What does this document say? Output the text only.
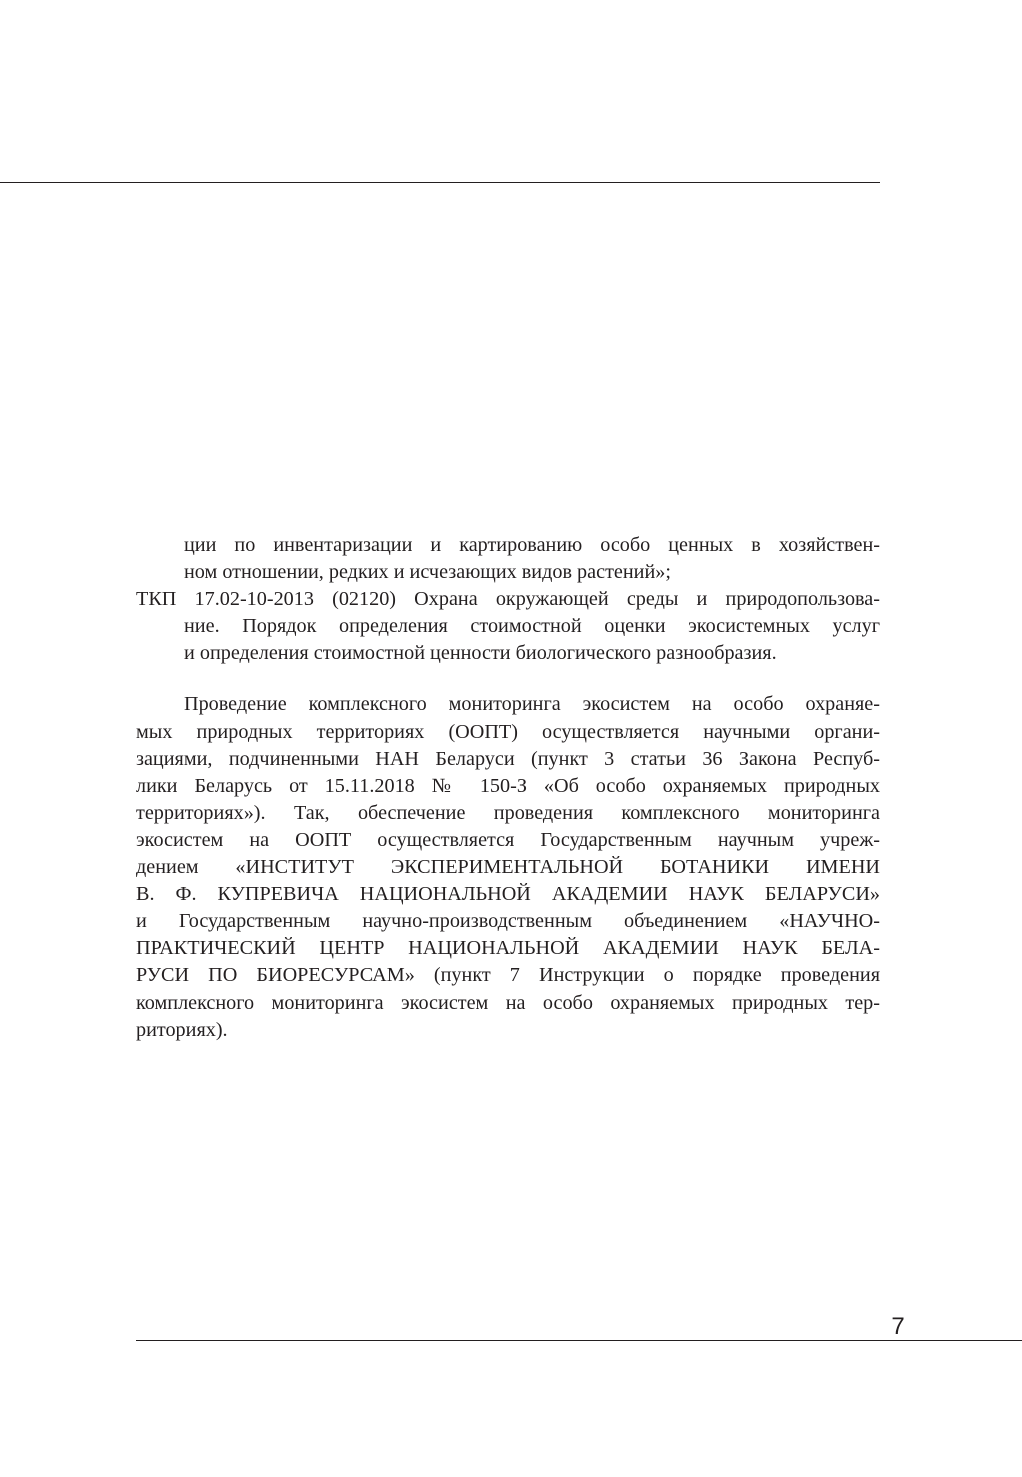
ции по инвентаризации и картированию особо ценных в хозяйствен-
ном отношении, редких и исчезающих видов растений»;
ТКП 17.02-10-2013 (02120) Охрана окружающей среды и природопользова-
ние. Порядок определения стоимостной оценки экосистемных услуг
и определения стоимостной ценности биологического разнообразия.
Проведение комплексного мониторинга экосистем на особо охраняе-
мых природных территориях (ООПТ) осуществляется научными органи-
зациями, подчиненными НАН Беларуси (пункт 3 статьи 36 Закона Респуб-
лики Беларусь от 15.11.2018 № 150-З «Об особо охраняемых природных
территориях»). Так, обеспечение проведения комплексного мониторинга
экосистем на ООПТ осуществляется Государственным научным учреж-
дением «ИНСТИТУТ ЭКСПЕРИМЕНТАЛЬНОЙ БОТАНИКИ ИМЕНИ
В. Ф. КУПРЕВИЧА НАЦИОНАЛЬНОЙ АКАДЕМИИ НАУК БЕЛАРУСИ»
и Государственным научно-производственным объединением «НАУЧНО-
ПРАКТИЧЕСКИЙ ЦЕНТР НАЦИОНАЛЬНОЙ АКАДЕМИИ НАУК БЕЛА-
РУСИ ПО БИОРЕСУРСАМ» (пункт 7 Инструкции о порядке проведения
комплексного мониторинга экосистем на особо охраняемых природных тер-
риториях).
7
